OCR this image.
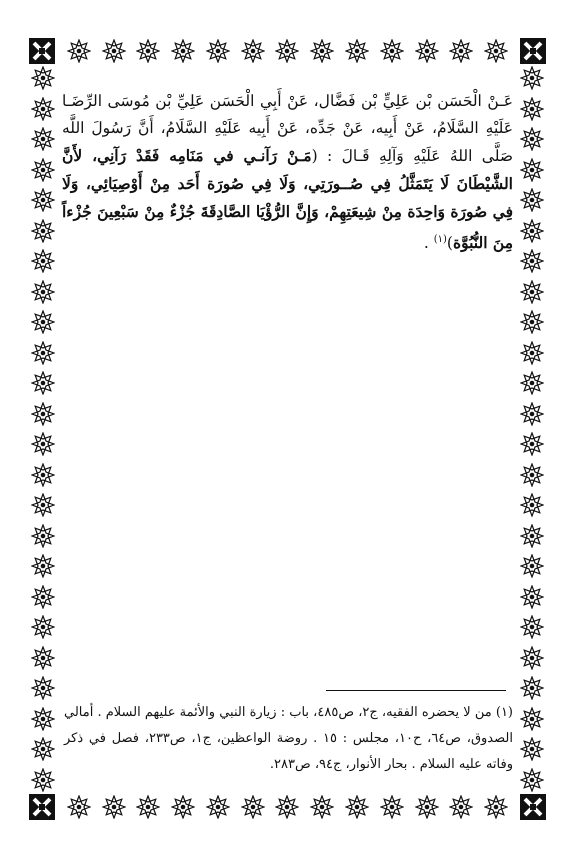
عَـنْ الْحَسَن بْن عَلِيٍّ بْن فَضَّال، عَنْ أَبِي الْحَسَن عَلِيِّ بْن مُوسَى الرِّضَـا عَلَيْهِ السَّلَامُ، عَنْ أَبِيه، عَنْ جَدِّه، عَنْ أَبِيه عَلَيْهِ السَّلَامُ، أَنَّ رَسُولَ اللَّه صَلَّى اللهُ عَلَيْهِ وَآلِهِ قَـالَ : (مَـنْ رَآنـي في مَنَامِه فَقَدْ رَآنِي، لأَنَّ الشَّيْطَانَ لَا يَتَمَثَّلُ فِي صُــورَتِي، وَلَا فِي صُورَة أَحَد مِنْ أَوْصِيَائِي، وَلَا فِي صُورَة وَاحِدَة مِنْ شِيعَتِهِمْ، وَإِنَّ الرُّؤْيَا الصَّادِقَةَ جُزْءٌ مِنْ سَبْعِينَ جُزْءاً مِنَ النُّبُوَّة)$^{(١)}$ .

(١) من لا يحضره الفقيه، ج٢، ص٤٨٥، باب : زيارة النبي والأئمة عليهم السلام . أمالي الصدوق، ص٦٤، ح١٠، مجلس : ١٥ . روضة الواعظين، ج١، ص٢٣٣، فصل في ذكر وفاته عليه السلام . بحار الأنوار، ج٩٤، ص٢٨٣.
